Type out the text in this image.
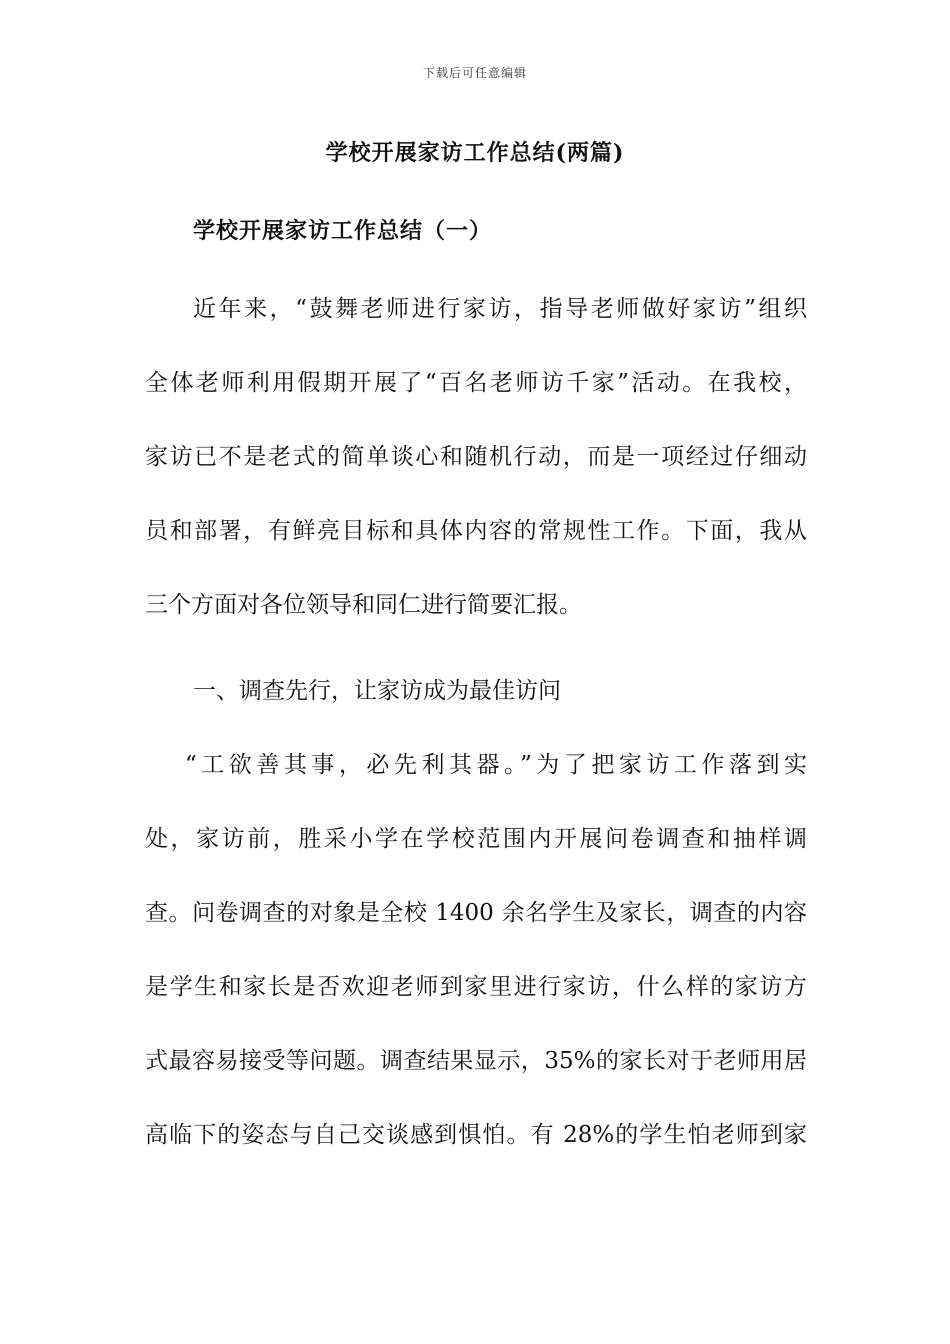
下载后可任意编辑
学校开展家访工作总结(两篇)
学校开展家访工作总结（一）
近年来，“鼓舞老师进行家访，指导老师做好家访”组织
全体老师利用假期开展了“百名老师访千家”活动。在我校，
家访已不是老式的简单谈心和随机行动，而是一项经过仔细动
员和部署，有鲜亮目标和具体内容的常规性工作。下面，我从
三个方面对各位领导和同仁进行简要汇报。
一、调查先行，让家访成为最佳访问
“工欲善其事，必先利其器。”为了把家访工作落到实
处，家访前，胜采小学在学校范围内开展问卷调查和抽样调
查。问卷调查的对象是全校 1400 余名学生及家长，调查的内容
是学生和家长是否欢迎老师到家里进行家访，什么样的家访方
式最容易接受等问题。调查结果显示，35%的家长对于老师用居
高临下的姿态与自己交谈感到惧怕。有 28%的学生怕老师到家
